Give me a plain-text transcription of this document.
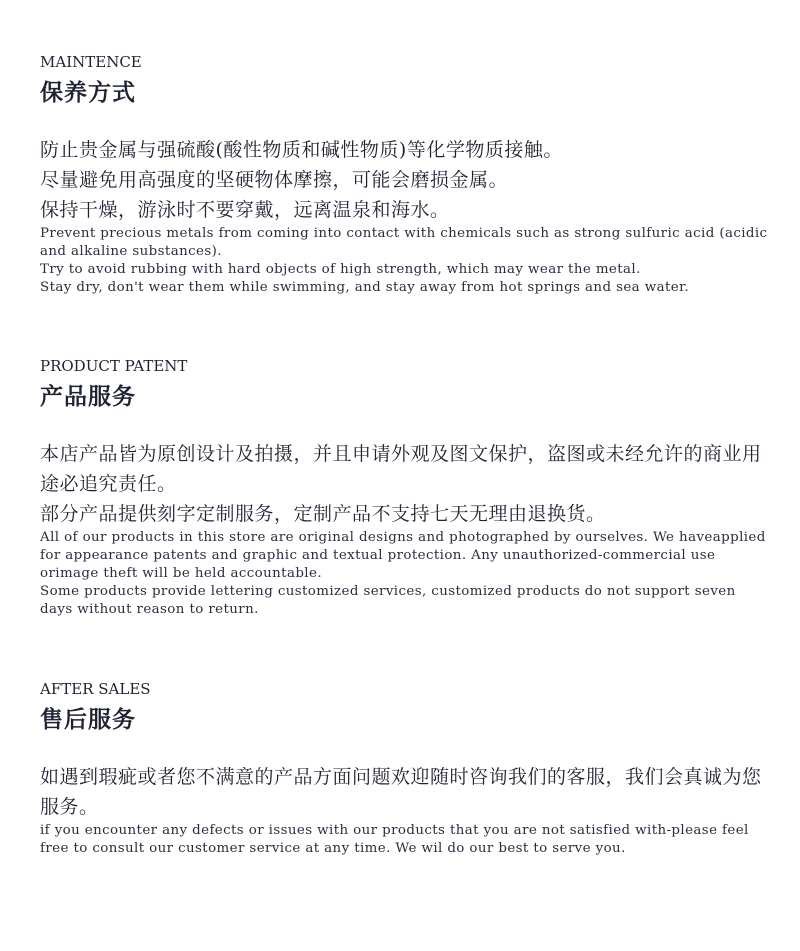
MAINTENCE

保养方式
防止贵金属与强硫酸(酸性物质和碱性物质)等化学物质接触。
尽量避免用高强度的坚硬物体摩擦，可能会磨损金属。
保持干燥，游泳时不要穿戴，远离温泉和海水。
Prevent precious metals from coming into contact with chemicals such as strong sulfuric acid (acidic and alkaline substances).
Try to avoid rubbing with hard objects of high strength, which may wear the metal.
Stay dry, don't wear them while swimming, and stay away from hot springs and sea water.

PRODUCT PATENT

产品服务
本店产品皆为原创设计及拍摄，并且申请外观及图文保护，盗图或未经允许的商业用途必追究责任。
部分产品提供刻字定制服务，定制产品不支持七天无理由退换货。
All of our products in this store are original designs and photographed by ourselves. We haveapplied for appearance patents and graphic and textual protection. Any unauthorized-commercial use orimage theft will be held accountable.
Some products provide lettering customized services, customized products do not support seven days without reason to return.

AFTER SALES

售后服务
如遇到瑕疵或者您不满意的产品方面问题欢迎随时咨询我们的客服，我们会真诚为您服务。
if you encounter any defects or issues with our products that you are not satisfied with-please feel free to consult our customer service at any time. We wil do our best to serve you.
